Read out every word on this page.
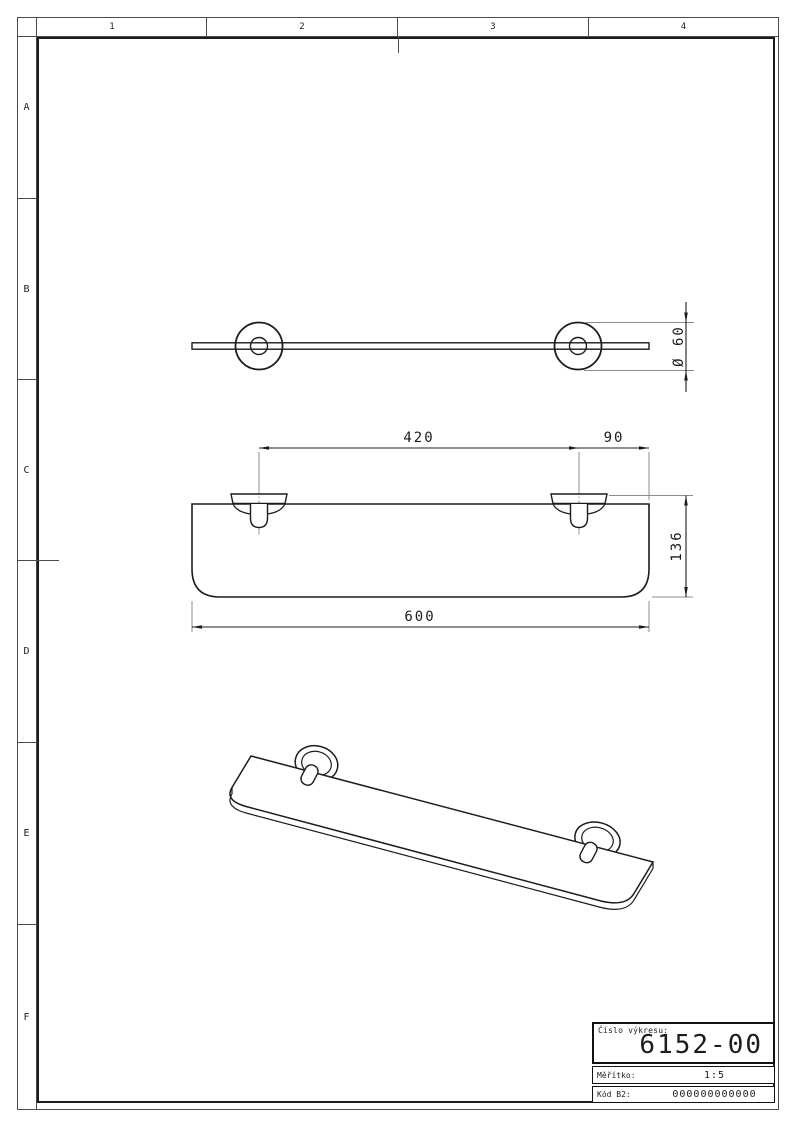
1	2	3	4
A
B
C
D
E
F
Ø 60
420	90
600
136
Číslo výkresu:
6152-00
Měřítko:	1:5
Kód B2:	000000000000
